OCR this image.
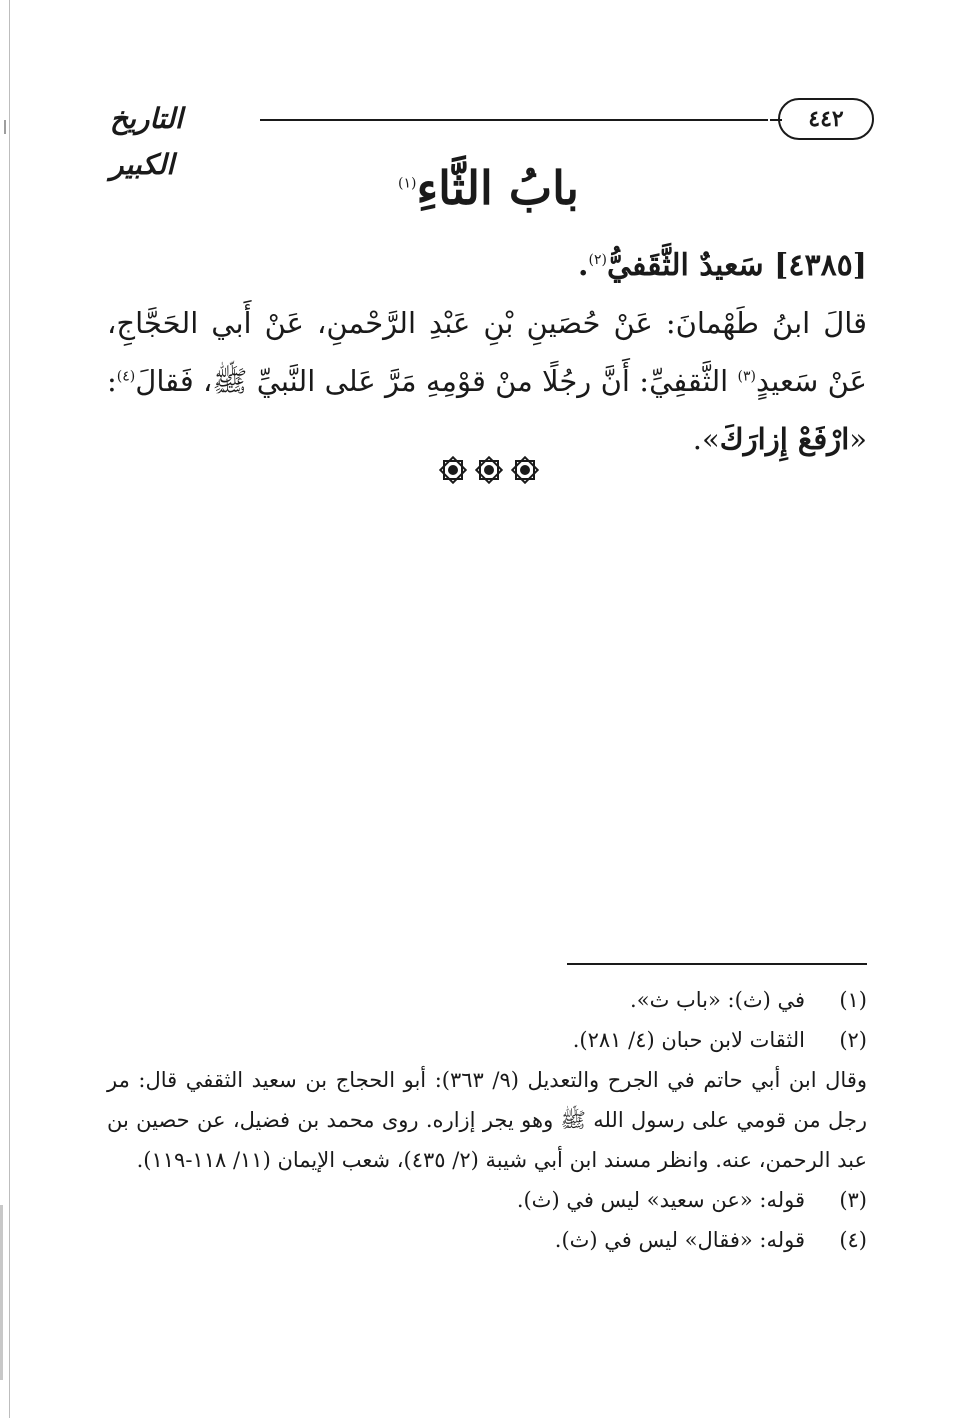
٤٤٢
التاريخ الكبير	بابُ الثَّاءِ$^{(١)}$
[٤٣٨٥] سَعيدٌ الثَّقَفيُّ$^{(٢)}$.
قالَ ابنُ طَهْمانَ: عَنْ حُصَينِ بْنِ عَبْدِ الرَّحْمنِ، عَنْ أَبي الحَجَّاجِ، عَنْ سَعيدٍ$^{(٣)}$ الثَّقفِيِّ: أَنَّ رجُلًا منْ قوْمِهِ مَرَّ عَلى النَّبيِّ ﷺ، فَقالَ$^{(٤)}$: «ارْفَعْ إِزارَكَ».
(١)
في (ث): «باب ث».
(٢)
الثقات لابن حبان (٤/ ٢٨١).
وقال ابن أبي حاتم في الجرح والتعديل (٩/ ٣٦٣): أبو الحجاج بن سعيد الثقفي قال: مر رجل من قومي على رسول الله ﷺ وهو يجر إزاره. روى محمد بن فضيل، عن حصين بن عبد الرحمن، عنه. وانظر مسند ابن أبي شيبة (٢/ ٤٣٥)، شعب الإيمان (١١/ ١١٨-١١٩).
(٣)
قوله: «عن سعيد» ليس في (ث).
(٤)
قوله: «فقال» ليس في (ث).
